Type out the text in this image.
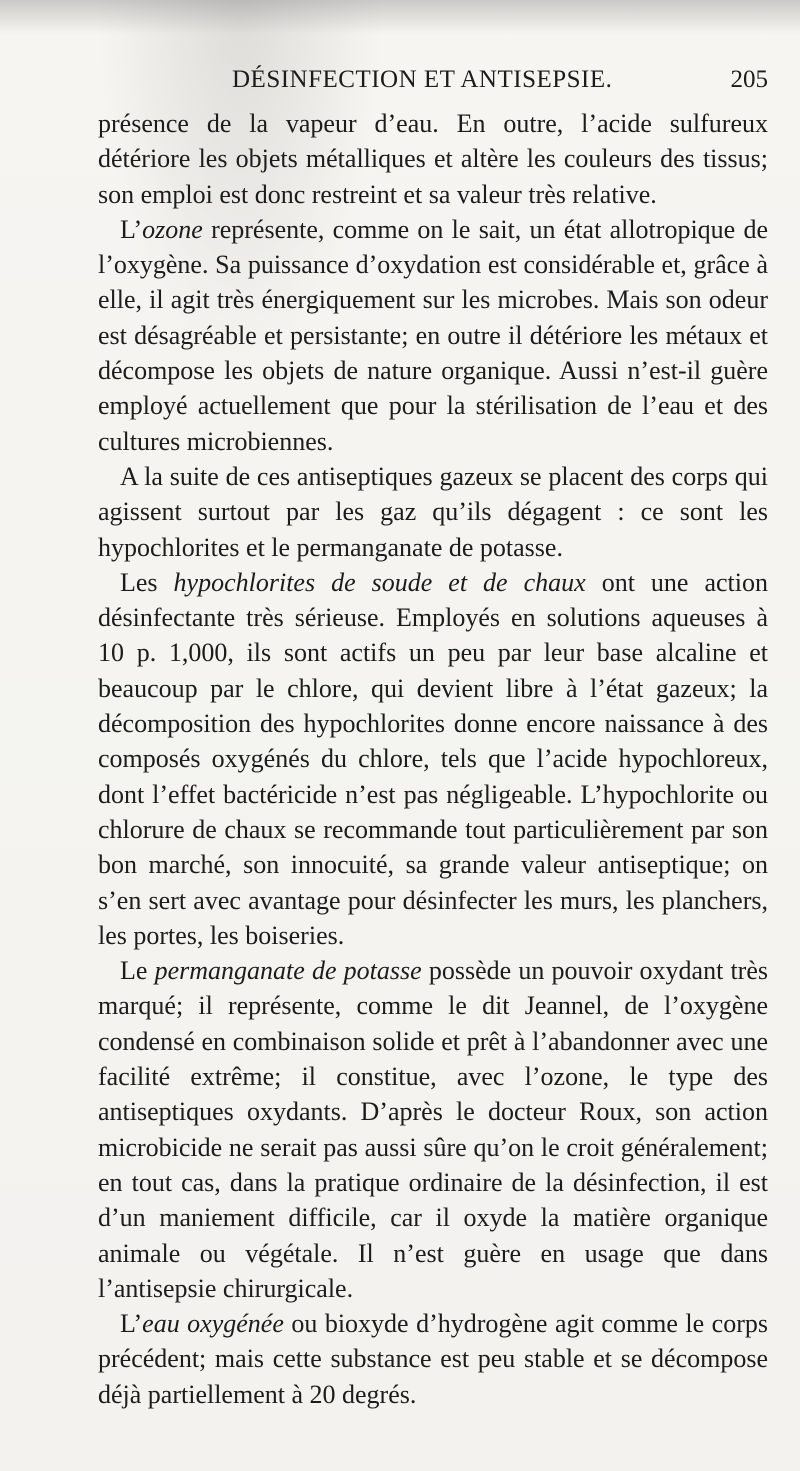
DÉSINFECTION ET ANTISEPSIE.	205

présence de la vapeur d’eau. En outre, l’acide sulfureux détériore les objets métalliques et altère les couleurs des tissus; son emploi est donc restreint et sa valeur très relative.

L’ozone représente, comme on le sait, un état allotropique de l’oxygène. Sa puissance d’oxydation est considérable et, grâce à elle, il agit très énergiquement sur les microbes. Mais son odeur est désagréable et persistante; en outre il détériore les métaux et décompose les objets de nature organique. Aussi n’est-il guère employé actuellement que pour la stérilisation de l’eau et des cultures microbiennes.

A la suite de ces antiseptiques gazeux se placent des corps qui agissent surtout par les gaz qu’ils dégagent : ce sont les hypochlorites et le permanganate de potasse.

Les hypochlorites de soude et de chaux ont une action désinfectante très sérieuse. Employés en solutions aqueuses à 10 p. 1,000, ils sont actifs un peu par leur base alcaline et beaucoup par le chlore, qui devient libre à l’état gazeux; la décomposition des hypochlorites donne encore naissance à des composés oxygénés du chlore, tels que l’acide hypochloreux, dont l’effet bactéricide n’est pas négligeable. L’hypochlorite ou chlorure de chaux se recommande tout particulièrement par son bon marché, son innocuité, sa grande valeur antiseptique; on s’en sert avec avantage pour désinfecter les murs, les planchers, les portes, les boiseries.

Le permanganate de potasse possède un pouvoir oxydant très marqué; il représente, comme le dit Jeannel, de l’oxygène condensé en combinaison solide et prêt à l’abandonner avec une facilité extrême; il constitue, avec l’ozone, le type des antiseptiques oxydants. D’après le docteur Roux, son action microbicide ne serait pas aussi sûre qu’on le croit généralement; en tout cas, dans la pratique ordinaire de la désinfection, il est d’un maniement difficile, car il oxyde la matière organique animale ou végétale. Il n’est guère en usage que dans l’antisepsie chirurgicale.

L’eau oxygénée ou bioxyde d’hydrogène agit comme le corps précédent; mais cette substance est peu stable et se décompose déjà partiellement à 20 degrés.
